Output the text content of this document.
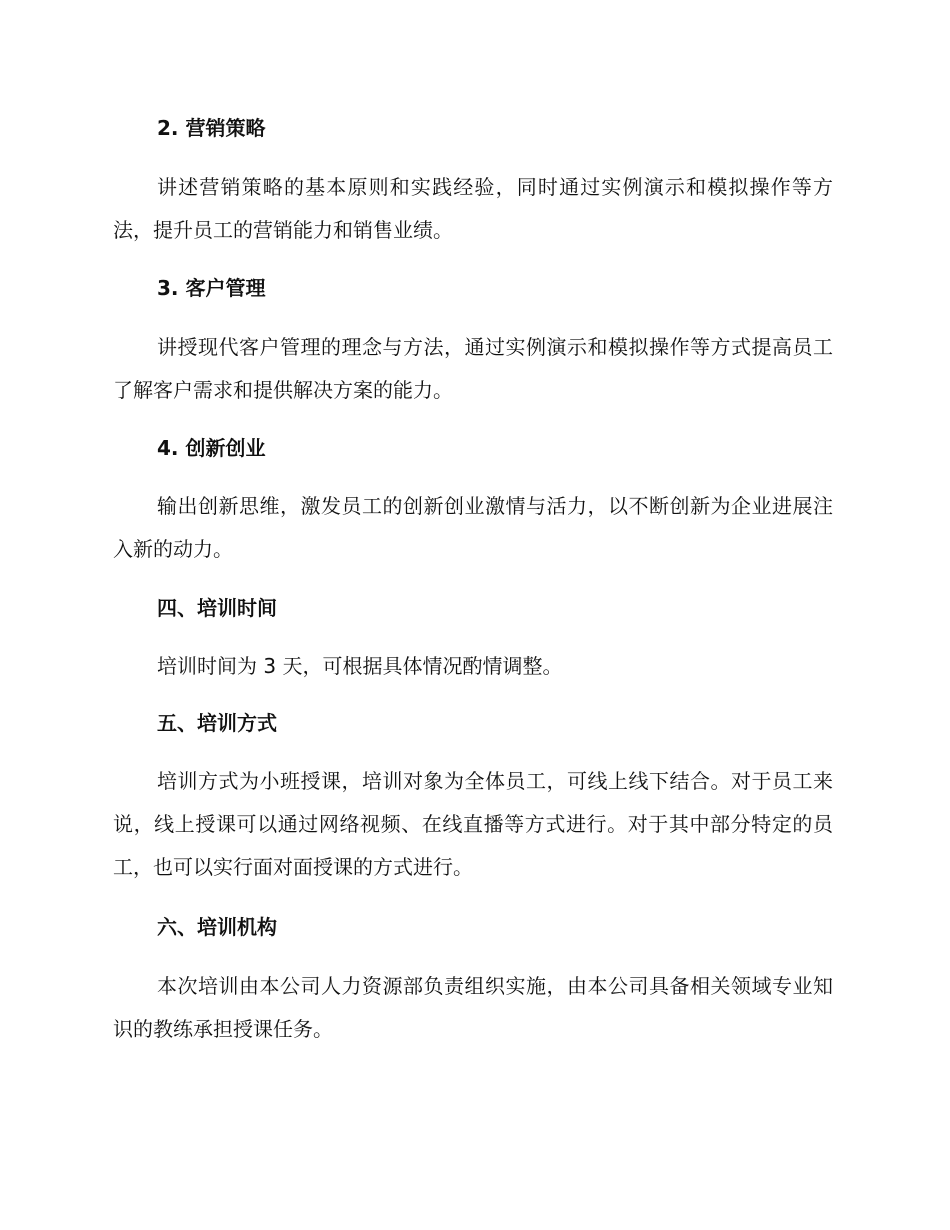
2. 营销策略

讲述营销策略的基本原则和实践经验，同时通过实例演示和模拟操作等方法，提升员工的营销能力和销售业绩。

3. 客户管理

讲授现代客户管理的理念与方法，通过实例演示和模拟操作等方式提高员工了解客户需求和提供解决方案的能力。

4. 创新创业

输出创新思维，激发员工的创新创业激情与活力，以不断创新为企业进展注入新的动力。

四、培训时间

培训时间为 3 天，可根据具体情况酌情调整。

五、培训方式

培训方式为小班授课，培训对象为全体员工，可线上线下结合。对于员工来说，线上授课可以通过网络视频、在线直播等方式进行。对于其中部分特定的员工，也可以实行面对面授课的方式进行。

六、培训机构

本次培训由本公司人力资源部负责组织实施，由本公司具备相关领域专业知识的教练承担授课任务。
